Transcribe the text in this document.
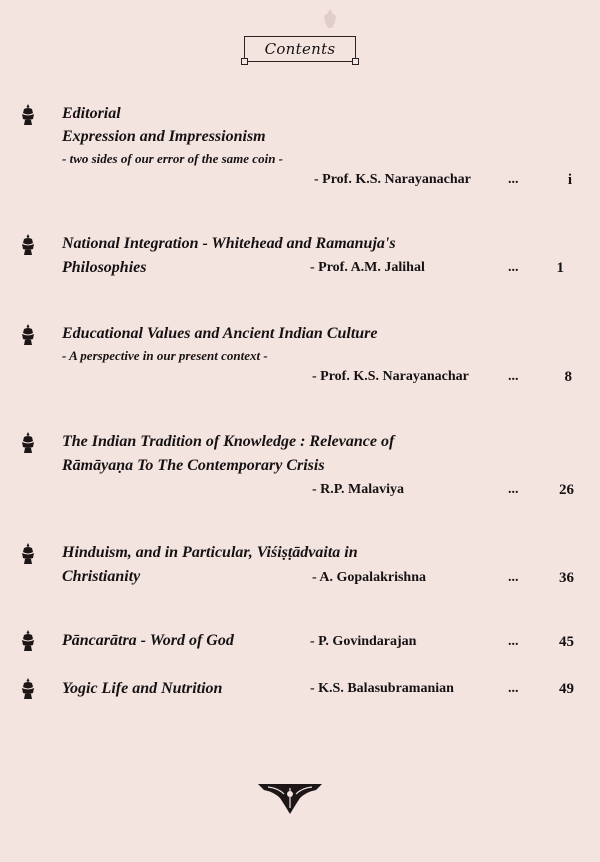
Contents
Editorial
Expression and Impressionism
- two sides of our error of the same coin -
- Prof. K.S. Narayanachar	...	i
National Integration - Whitehead and Ramanuja's
Philosophies	- Prof. A.M. Jalihal	...	1
Educational Values and Ancient Indian Culture
- A perspective in our present context -
- Prof. K.S. Narayanachar	...	8
The Indian Tradition of Knowledge : Relevance of
Rāmāyaṇa To The Contemporary Crisis
- R.P. Malaviya	...	26
Hinduism, and in Particular, Viśiṣṭādvaita in
Christianity	- A. Gopalakrishna	...	36
Pāncarātra - Word of God	- P. Govindarajan	...	45
Yogic Life and Nutrition	- K.S. Balasubramanian	...	49
